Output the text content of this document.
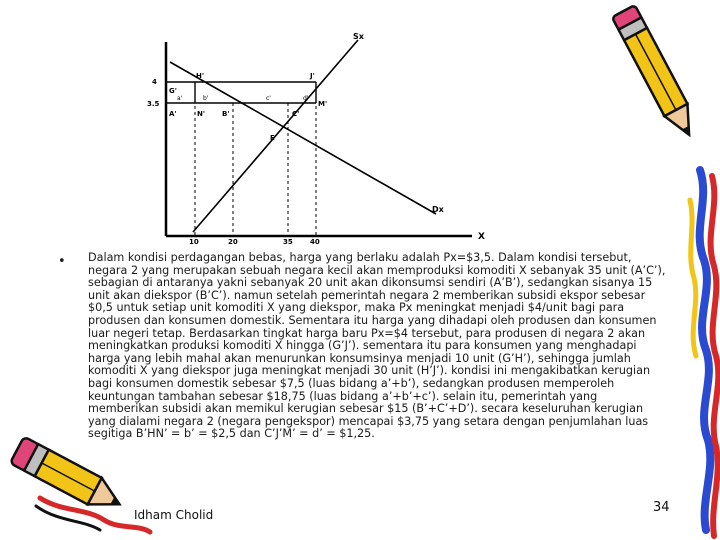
Sx
Dx
X
4
3.5
10	20	35 40
H'	J'
G'
M'
A'	N' B'	C'
E
a'	b'	c'	d'
• Dalam kondisi perdagangan bebas, harga yang berlaku adalah Px=$3,5. Dalam kondisi tersebut, negara 2 yang merupakan sebuah negara kecil akan memproduksi komoditi X sebanyak 35 unit (A’C’), sebagian di antaranya yakni sebanyak 20 unit akan dikonsumsi sendiri (A’B’), sedangkan sisanya 15 unit akan diekspor (B’C’). namun setelah pemerintah negara 2 memberikan subsidi ekspor sebesar $0,5 untuk setiap unit komoditi X yang diekspor, maka Px meningkat menjadi $4/unit bagi para produsen dan konsumen domestik. Sementara itu harga yang dihadapi oleh produsen dan konsumen luar negeri tetap. Berdasarkan tingkat harga baru Px=$4 tersebut, para produsen di negara 2 akan meningkatkan produksi komoditi X hingga (G’J’). sementara itu para konsumen yang menghadapi harga yang lebih mahal akan menurunkan konsumsinya menjadi 10 unit (G’H’), sehingga jumlah komoditi X yang diekspor juga meningkat menjadi 30 unit (H’J’). kondisi ini mengakibatkan kerugian bagi konsumen domestik sebesar $7,5 (luas bidang a’+b’), sedangkan produsen memperoleh keuntungan tambahan sebesar $18,75 (luas bidang a’+b’+c’). selain itu, pemerintah yang memberikan subsidi akan memikul kerugian sebesar $15 (B’+C’+D’). secara keseluruhan kerugian yang dialami negara 2 (negara pengekspor) mencapai $3,75 yang setara dengan penjumlahan luas segitiga B’HN’ = b’ = $2,5 dan C’J’M’ = d’ = $1,25.

Idham Cholid	34
